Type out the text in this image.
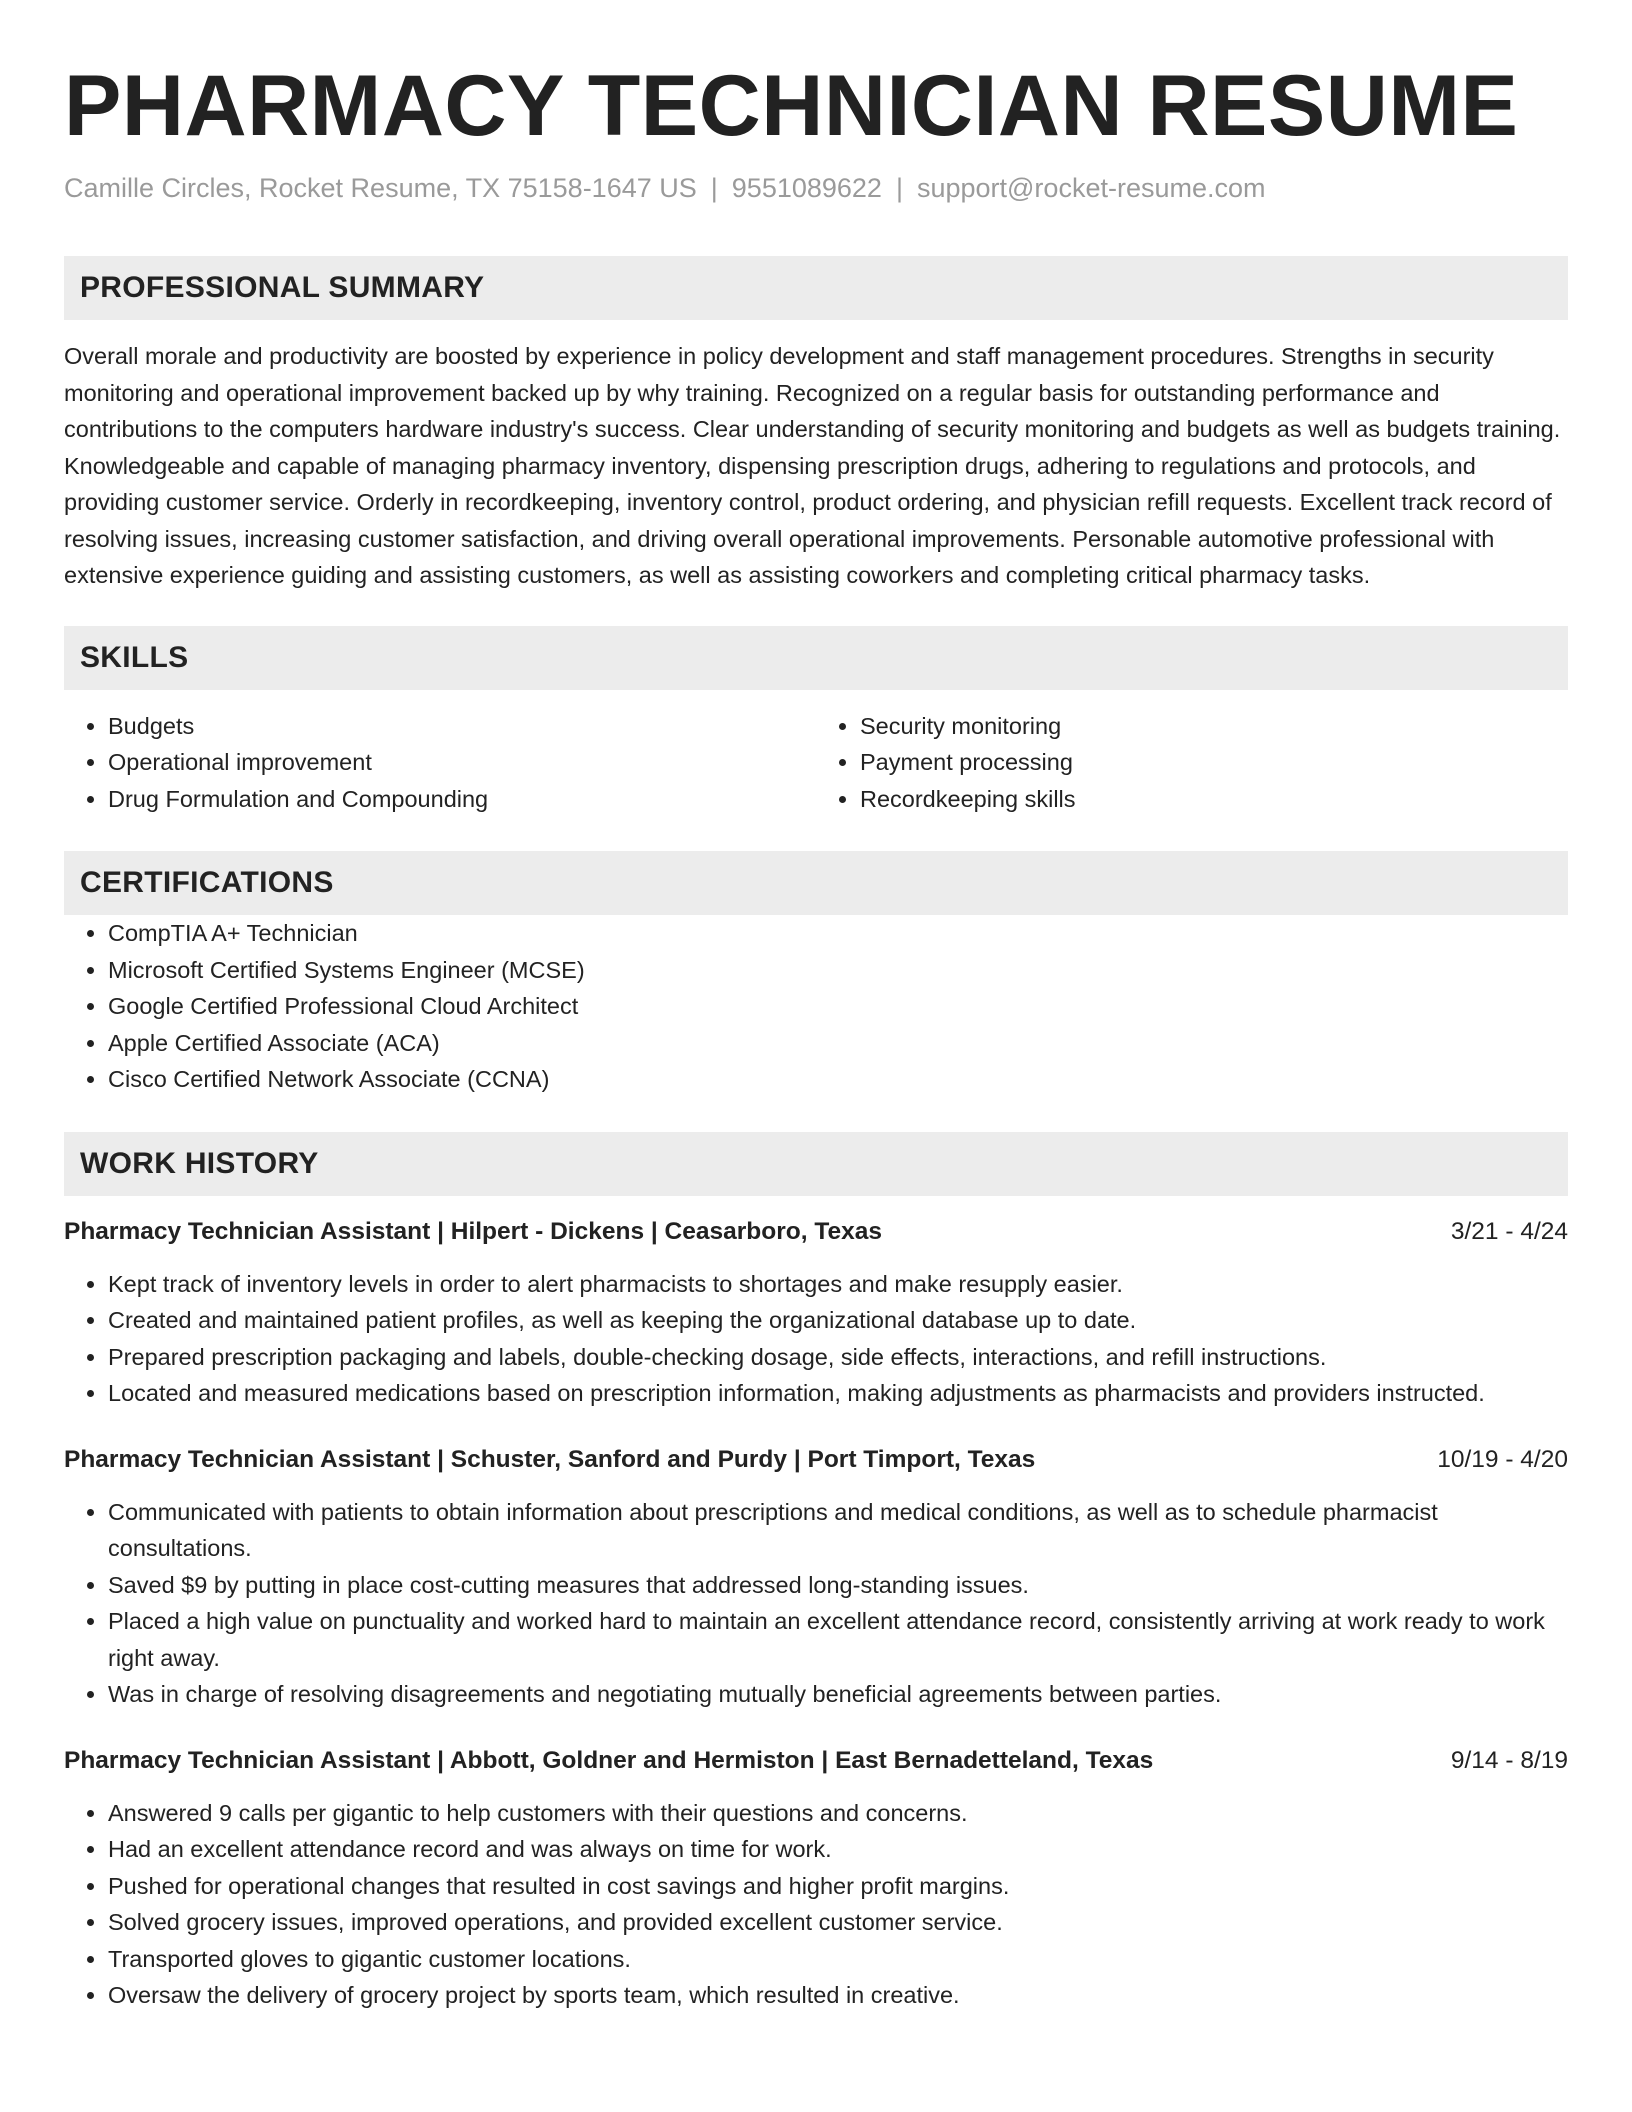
PHARMACY TECHNICIAN RESUME
Camille Circles, Rocket Resume, TX 75158-1647 US | 9551089622 | support@rocket-resume.com
PROFESSIONAL SUMMARY

Overall morale and productivity are boosted by experience in policy development and staff management procedures. Strengths in security monitoring and operational improvement backed up by why training. Recognized on a regular basis for outstanding performance and contributions to the computers hardware industry's success. Clear understanding of security monitoring and budgets as well as budgets training. Knowledgeable and capable of managing pharmacy inventory, dispensing prescription drugs, adhering to regulations and protocols, and providing customer service. Orderly in recordkeeping, inventory control, product ordering, and physician refill requests. Excellent track record of resolving issues, increasing customer satisfaction, and driving overall operational improvements. Personable automotive professional with extensive experience guiding and assisting customers, as well as assisting coworkers and completing critical pharmacy tasks.

SKILLS
• Budgets
• Operational improvement
• Drug Formulation and Compounding
• Security monitoring
• Payment processing
• Recordkeeping skills
CERTIFICATIONS
• CompTIA A+ Technician
• Microsoft Certified Systems Engineer (MCSE)
• Google Certified Professional Cloud Architect
• Apple Certified Associate (ACA)
• Cisco Certified Network Associate (CCNA)
WORK HISTORY
Pharmacy Technician Assistant | Hilpert - Dickens | Ceasarboro, Texas	3/21 - 4/24
• Kept track of inventory levels in order to alert pharmacists to shortages and make resupply easier.
• Created and maintained patient profiles, as well as keeping the organizational database up to date.
• Prepared prescription packaging and labels, double-checking dosage, side effects, interactions, and refill instructions.
• Located and measured medications based on prescription information, making adjustments as pharmacists and providers instructed.
Pharmacy Technician Assistant | Schuster, Sanford and Purdy | Port Timport, Texas	10/19 - 4/20
• Communicated with patients to obtain information about prescriptions and medical conditions, as well as to schedule pharmacist consultations.
• Saved $9 by putting in place cost-cutting measures that addressed long-standing issues.
• Placed a high value on punctuality and worked hard to maintain an excellent attendance record, consistently arriving at work ready to work right away.
• Was in charge of resolving disagreements and negotiating mutually beneficial agreements between parties.
Pharmacy Technician Assistant | Abbott, Goldner and Hermiston | East Bernadetteland, Texas	9/14 - 8/19
• Answered 9 calls per gigantic to help customers with their questions and concerns.
• Had an excellent attendance record and was always on time for work.
• Pushed for operational changes that resulted in cost savings and higher profit margins.
• Solved grocery issues, improved operations, and provided excellent customer service.
• Transported gloves to gigantic customer locations.
• Oversaw the delivery of grocery project by sports team, which resulted in creative.
